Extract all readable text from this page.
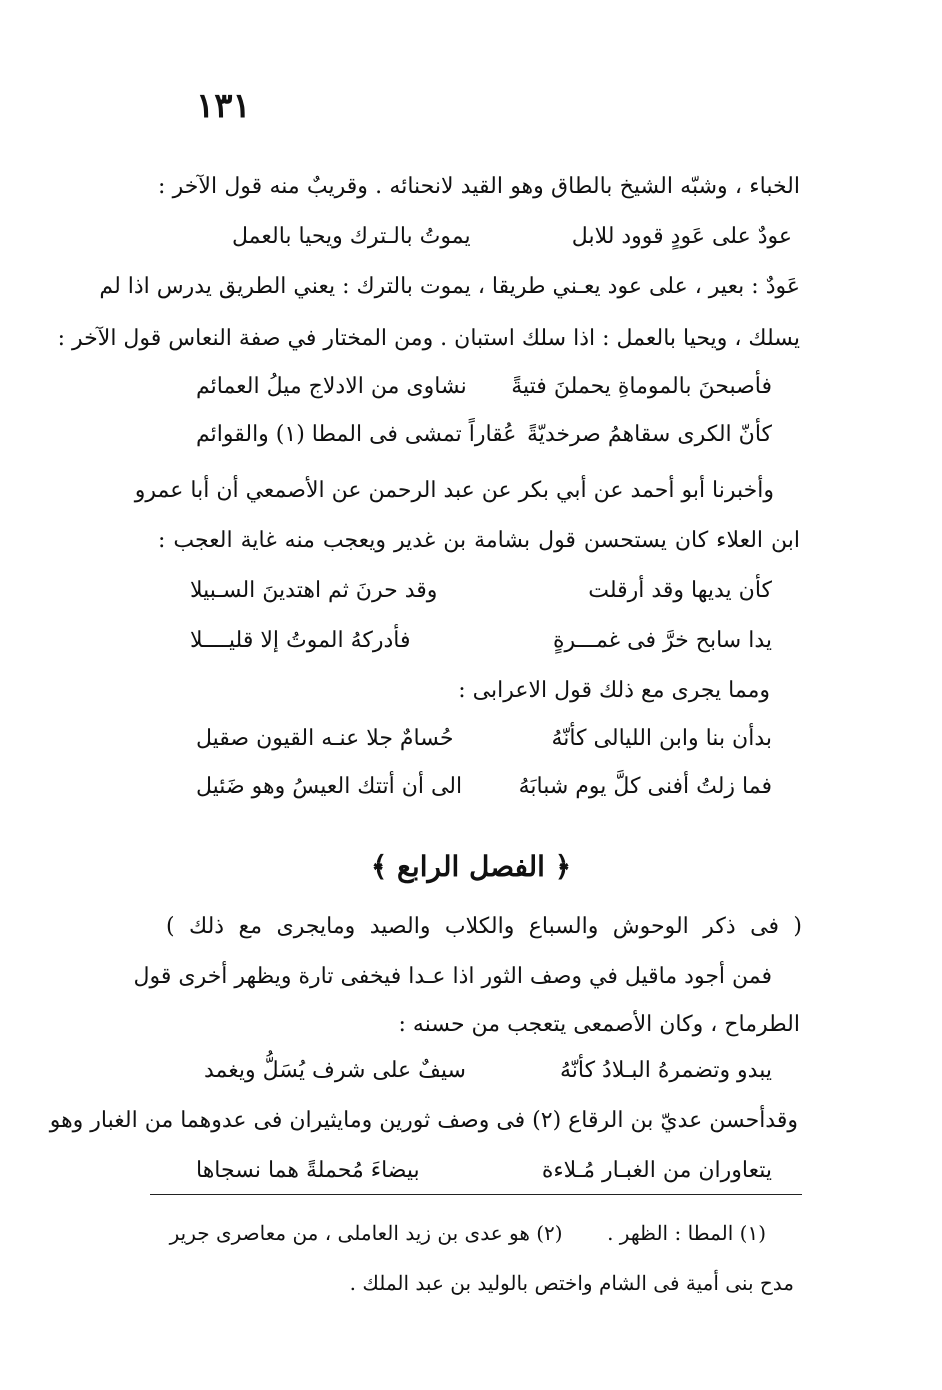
١٣١
الخباء ، وشبّه الشيخ بالطاق وهو القيد لانحنائه . وقريبٌ منه قول الآخر :
عودٌ على عَودٍ قوود للابل
يموتُ بالـترك ويحيا بالعمل
عَودٌ : بعير ، على عود يعـني طريقا ، يموت بالترك : يعني الطريق يدرس اذا لم
يسلك ، ويحيا بالعمل : اذا سلك استبان . ومن المختار في صفة النعاس قول الآخر :
فأصبحنَ بالموماةِ يحملنَ فتيةً
نشاوى من الادلاج ميلُ العمائم
كأنّ الكرى سقاهمُ صرخديّةً
عُقاراً تمشى فى المطا (١) والقوائم
وأخبرنا أبو أحمد عن أبي بكر عن عبد الرحمن عن الأصمعي أن أبا عمرو
ابن العلاء كان يستحسن قول بشامة بن غدير ويعجب منه غاية العجب :
كأن يديها وقد أرقلت
وقد حرنَ ثم اهتدينَ السـبيلا
يدا سابح خرَّ فى غمـــرةٍ
فأدركهُ الموتُ إلا قليــــلا
ومما يجرى مع ذلك قول الاعرابى :
بدأن بنا وابن الليالى كأنّهُ
حُسامٌ جلا عنـه القيون صقيل
فما زلتُ أفنى كلَّ يوم شبابَهُ
الى أن أتتك العيسُ وهو ضَئيل
﴿ الفصل الرابع ﴾
( فى ذكر الوحوش والسباع والكلاب والصيد ومايجرى مع ذلك )
فمن أجود ماقيل في وصف الثور اذا عـدا فيخفى تارة ويظهر أخرى قول
الطرماح ، وكان الأصمعى يتعجب من حسنه :
يبدو وتضمرهُ البـلادُ كأنّهُ
سيفٌ على شرف يُسَلُّ ويغمد
وقدأحسن عديّ بن الرقاع (٢) فى وصف ثورين ومايثيران فى عدوهما من الغبار وهو
يتعاوران من الغبـار مُـلاءة
بيضاءَ مُحملةً هما نسجاها
(١) المطا : الظهر .       (٢) هو عدى بن زيد العاملى ، من معاصرى جرير
مدح بنى أمية فى الشام واختص بالوليد بن عبد الملك .
